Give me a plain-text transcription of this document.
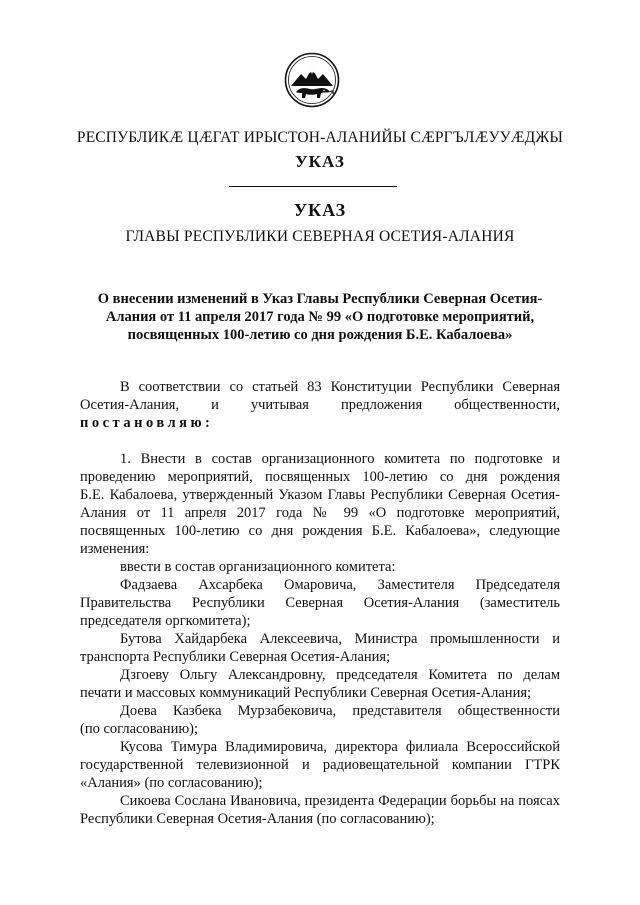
РЕСПУБЛИКӔ ЦӔГАТ ИРЫСТОН-АЛАНИЙЫ СӔРГЪЛӔУУӔДЖЫ
УКАЗ
УКАЗ
ГЛАВЫ РЕСПУБЛИКИ СЕВЕРНАЯ ОСЕТИЯ-АЛАНИЯ
О внесении изменений в Указ Главы Республики Северная Осетия-
Алания от 11 апреля 2017 года № 99 «О подготовке мероприятий,
посвященных 100-летию со дня рождения Б.Е. Кабалоева»
В соответствии со статьей 83 Конституции Республики Северная
Осетия-Алания, и учитывая предложения общественности,
постановляю:
1. Внести в состав организационного комитета по подготовке и
проведению мероприятий, посвященных 100-летию со дня рождения
Б.Е. Кабалоева, утвержденный Указом Главы Республики Северная Осетия-
Алания от 11 апреля 2017 года № 99 «О подготовке мероприятий,
посвященных 100-летию со дня рождения Б.Е. Кабалоева», следующие
изменения:
ввести в состав организационного комитета:
Фадзаева Ахсарбека Омаровича, Заместителя Председателя
Правительства Республики Северная Осетия-Алания (заместитель
председателя оргкомитета);
Бутова Хайдарбека Алексеевича, Министра промышленности и
транспорта Республики Северная Осетия-Алания;
Дзгоеву Ольгу Александровну, председателя Комитета по делам
печати и массовых коммуникаций Республики Северная Осетия-Алания;
Доева Казбека Мурзабековича, представителя общественности
(по согласованию);
Кусова Тимура Владимировича, директора филиала Всероссийской
государственной телевизионной и радиовещательной компании ГТРК
«Алания» (по согласованию);
Сикоева Сослана Ивановича, президента Федерации борьбы на поясах
Республики Северная Осетия-Алания (по согласованию);
